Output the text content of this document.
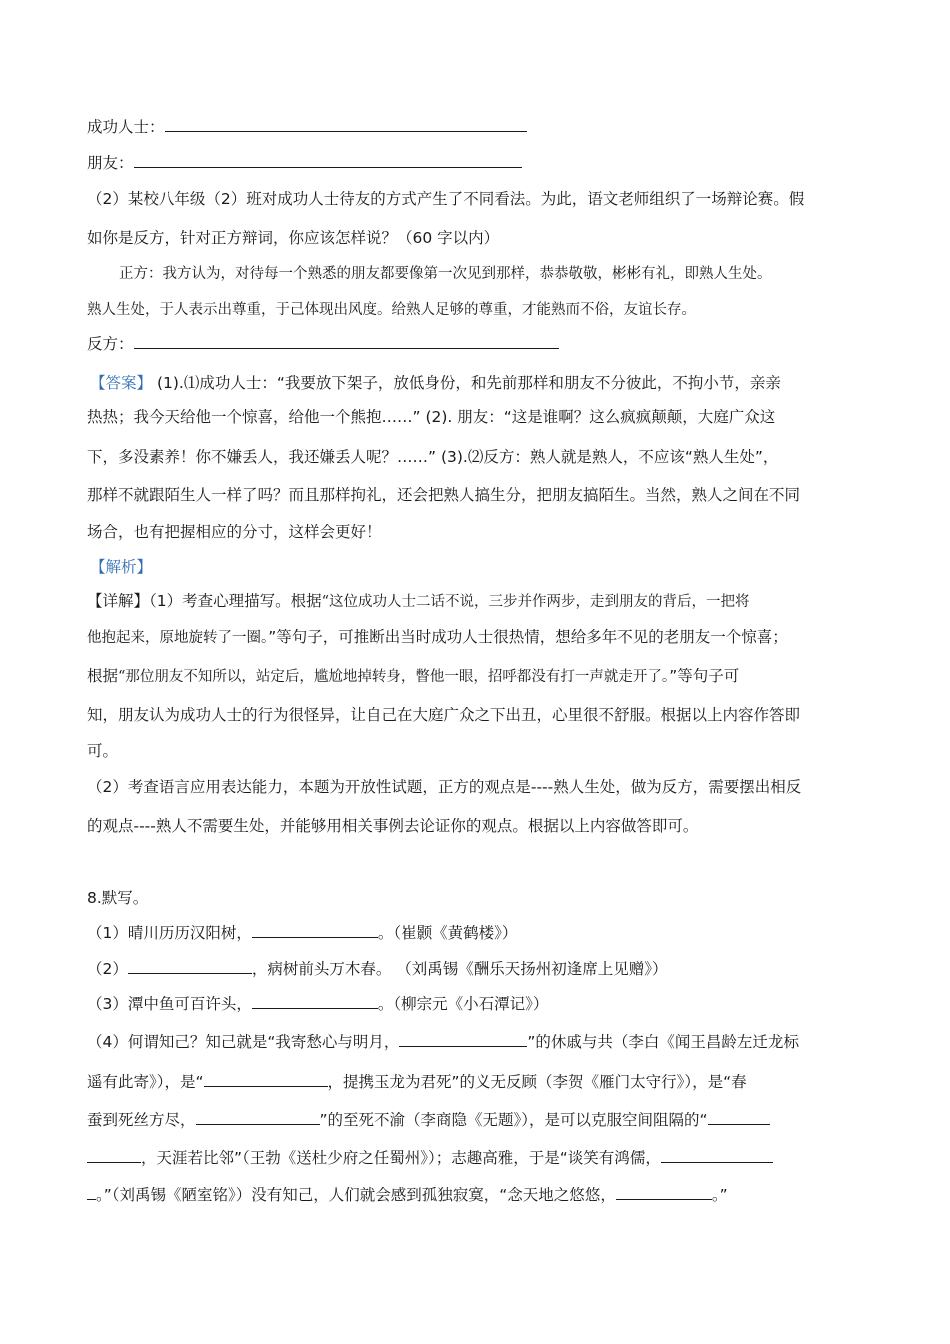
成功人士：
朋友：
（2）某校八年级（2）班对成功人士待友的方式产生了不同看法。为此，语文老师组织了一场辩论赛。假
如你是反方，针对正方辩词，你应该怎样说？（60 字以内）
正方：我方认为，对待每一个熟悉的朋友都要像第一次见到那样，恭恭敬敬，彬彬有礼，即熟人生处。
熟人生处，于人表示出尊重，于己体现出风度。给熟人足够的尊重，才能熟而不俗，友谊长存。
反方：
【答案】 (1).⑴成功人士：“我要放下架子，放低身份，和先前那样和朋友不分彼此，不拘小节，亲亲
热热；我今天给他一个惊喜，给他一个熊抱……” (2). 朋友：“这是谁啊？这么疯疯颠颠，大庭广众这
下，多没素养！你不嫌丢人，我还嫌丢人呢？……” (3).⑵反方：熟人就是熟人，不应该“熟人生处”，
那样不就跟陌生人一样了吗？而且那样拘礼，还会把熟人搞生分，把朋友搞陌生。当然，熟人之间在不同
场合，也有把握相应的分寸，这样会更好！
【解析】
【详解】（1）考查心理描写。根据“这位成功人士二话不说，三步并作两步，走到朋友的背后，一把将
他抱起来，原地旋转了一圈。”等句子，可推断出当时成功人士很热情，想给多年不见的老朋友一个惊喜；
根据“那位朋友不知所以，站定后，尴尬地掉转身，瞥他一眼，招呼都没有打一声就走开了。”等句子可
知，朋友认为成功人士的行为很怪异，让自己在大庭广众之下出丑，心里很不舒服。根据以上内容作答即
可。
（2）考查语言应用表达能力，本题为开放性试题，正方的观点是----熟人生处，做为反方，需要摆出相反
的观点----熟人不需要生处，并能够用相关事例去论证你的观点。根据以上内容做答即可。
8.默写。
（1）晴川历历汉阳树，	。（崔颢《黄鹤楼》）
（2）	，病树前头万木春。 （刘禹锡《酬乐天扬州初逢席上见赠》）
（3）潭中鱼可百许头，	。（柳宗元《小石潭记》）
（4）何谓知己？知己就是“我寄愁心与明月，	”的休戚与共（李白《闻王昌龄左迁龙标
遥有此寄》），是“	，提携玉龙为君死”的义无反顾（李贺《雁门太守行》），是“春
蚕到死丝方尽，	”的至死不渝（李商隐《无题》），是可以克服空间阻隔的“
，天涯若比邻”（王勃《送杜少府之任蜀州》）；志趣高雅，于是“谈笑有鸿儒，
。”（刘禹锡《陋室铭》）没有知己，人们就会感到孤独寂寞，“念天地之悠悠，	。”
